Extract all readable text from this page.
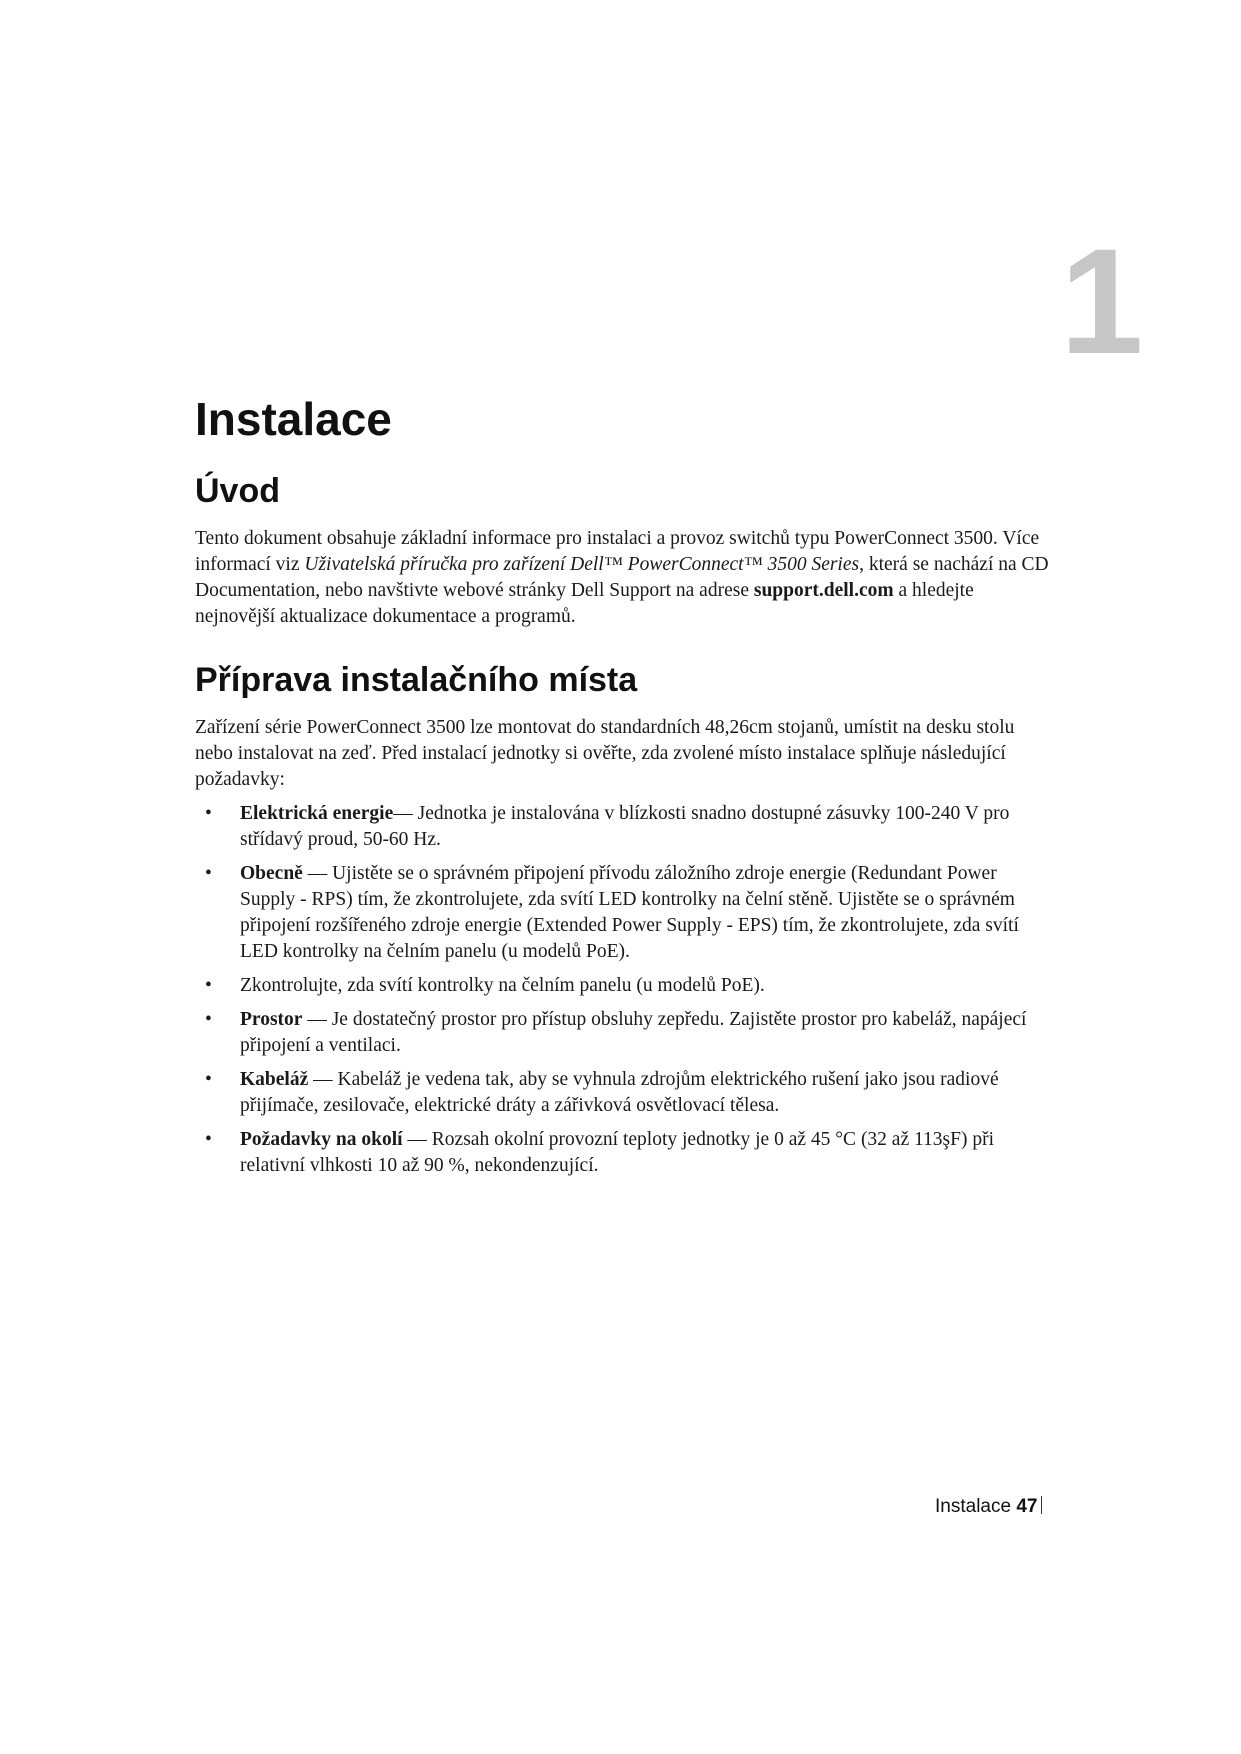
1
Instalace
Úvod

Tento dokument obsahuje základní informace pro instalaci a provoz switchů typu PowerConnect 3500. Více informací viz Uživatelská příručka pro zařízení Dell™ PowerConnect™ 3500 Series, která se nachází na CD Documentation, nebo navštivte webové stránky Dell Support na adrese support.dell.com a hledejte nejnovější aktualizace dokumentace a programů.

Příprava instalačního místa

Zařízení série PowerConnect 3500 lze montovat do standardních 48,26cm stojanů, umístit na desku stolu nebo instalovat na zeď. Před instalací jednotky si ověřte, zda zvolené místo instalace splňuje následující požadavky:

• Elektrická energie— Jednotka je instalována v blízkosti snadno dostupné zásuvky 100-240 V pro střídavý proud, 50-60 Hz.
• Obecně — Ujistěte se o správném připojení přívodu záložního zdroje energie (Redundant Power Supply - RPS) tím, že zkontrolujete, zda svítí LED kontrolky na čelní stěně. Ujistěte se o správném připojení rozšířeného zdroje energie (Extended Power Supply - EPS) tím, že zkontrolujete, zda svítí LED kontrolky na čelním panelu (u modelů PoE).
• Zkontrolujte, zda svítí kontrolky na čelním panelu (u modelů PoE).
• Prostor — Je dostatečný prostor pro přístup obsluhy zepředu. Zajistěte prostor pro kabeláž, napájecí připojení a ventilaci.
• Kabeláž — Kabeláž je vedena tak, aby se vyhnula zdrojům elektrického rušení jako jsou radiové přijímače, zesilovače, elektrické dráty a zářivková osvětlovací tělesa.
• Požadavky na okolí — Rozsah okolní provozní teploty jednotky je 0 až 45 °C (32 až 113şF) při relativní vlhkosti 10 až 90 %, nekondenzující.
Instalace 47
